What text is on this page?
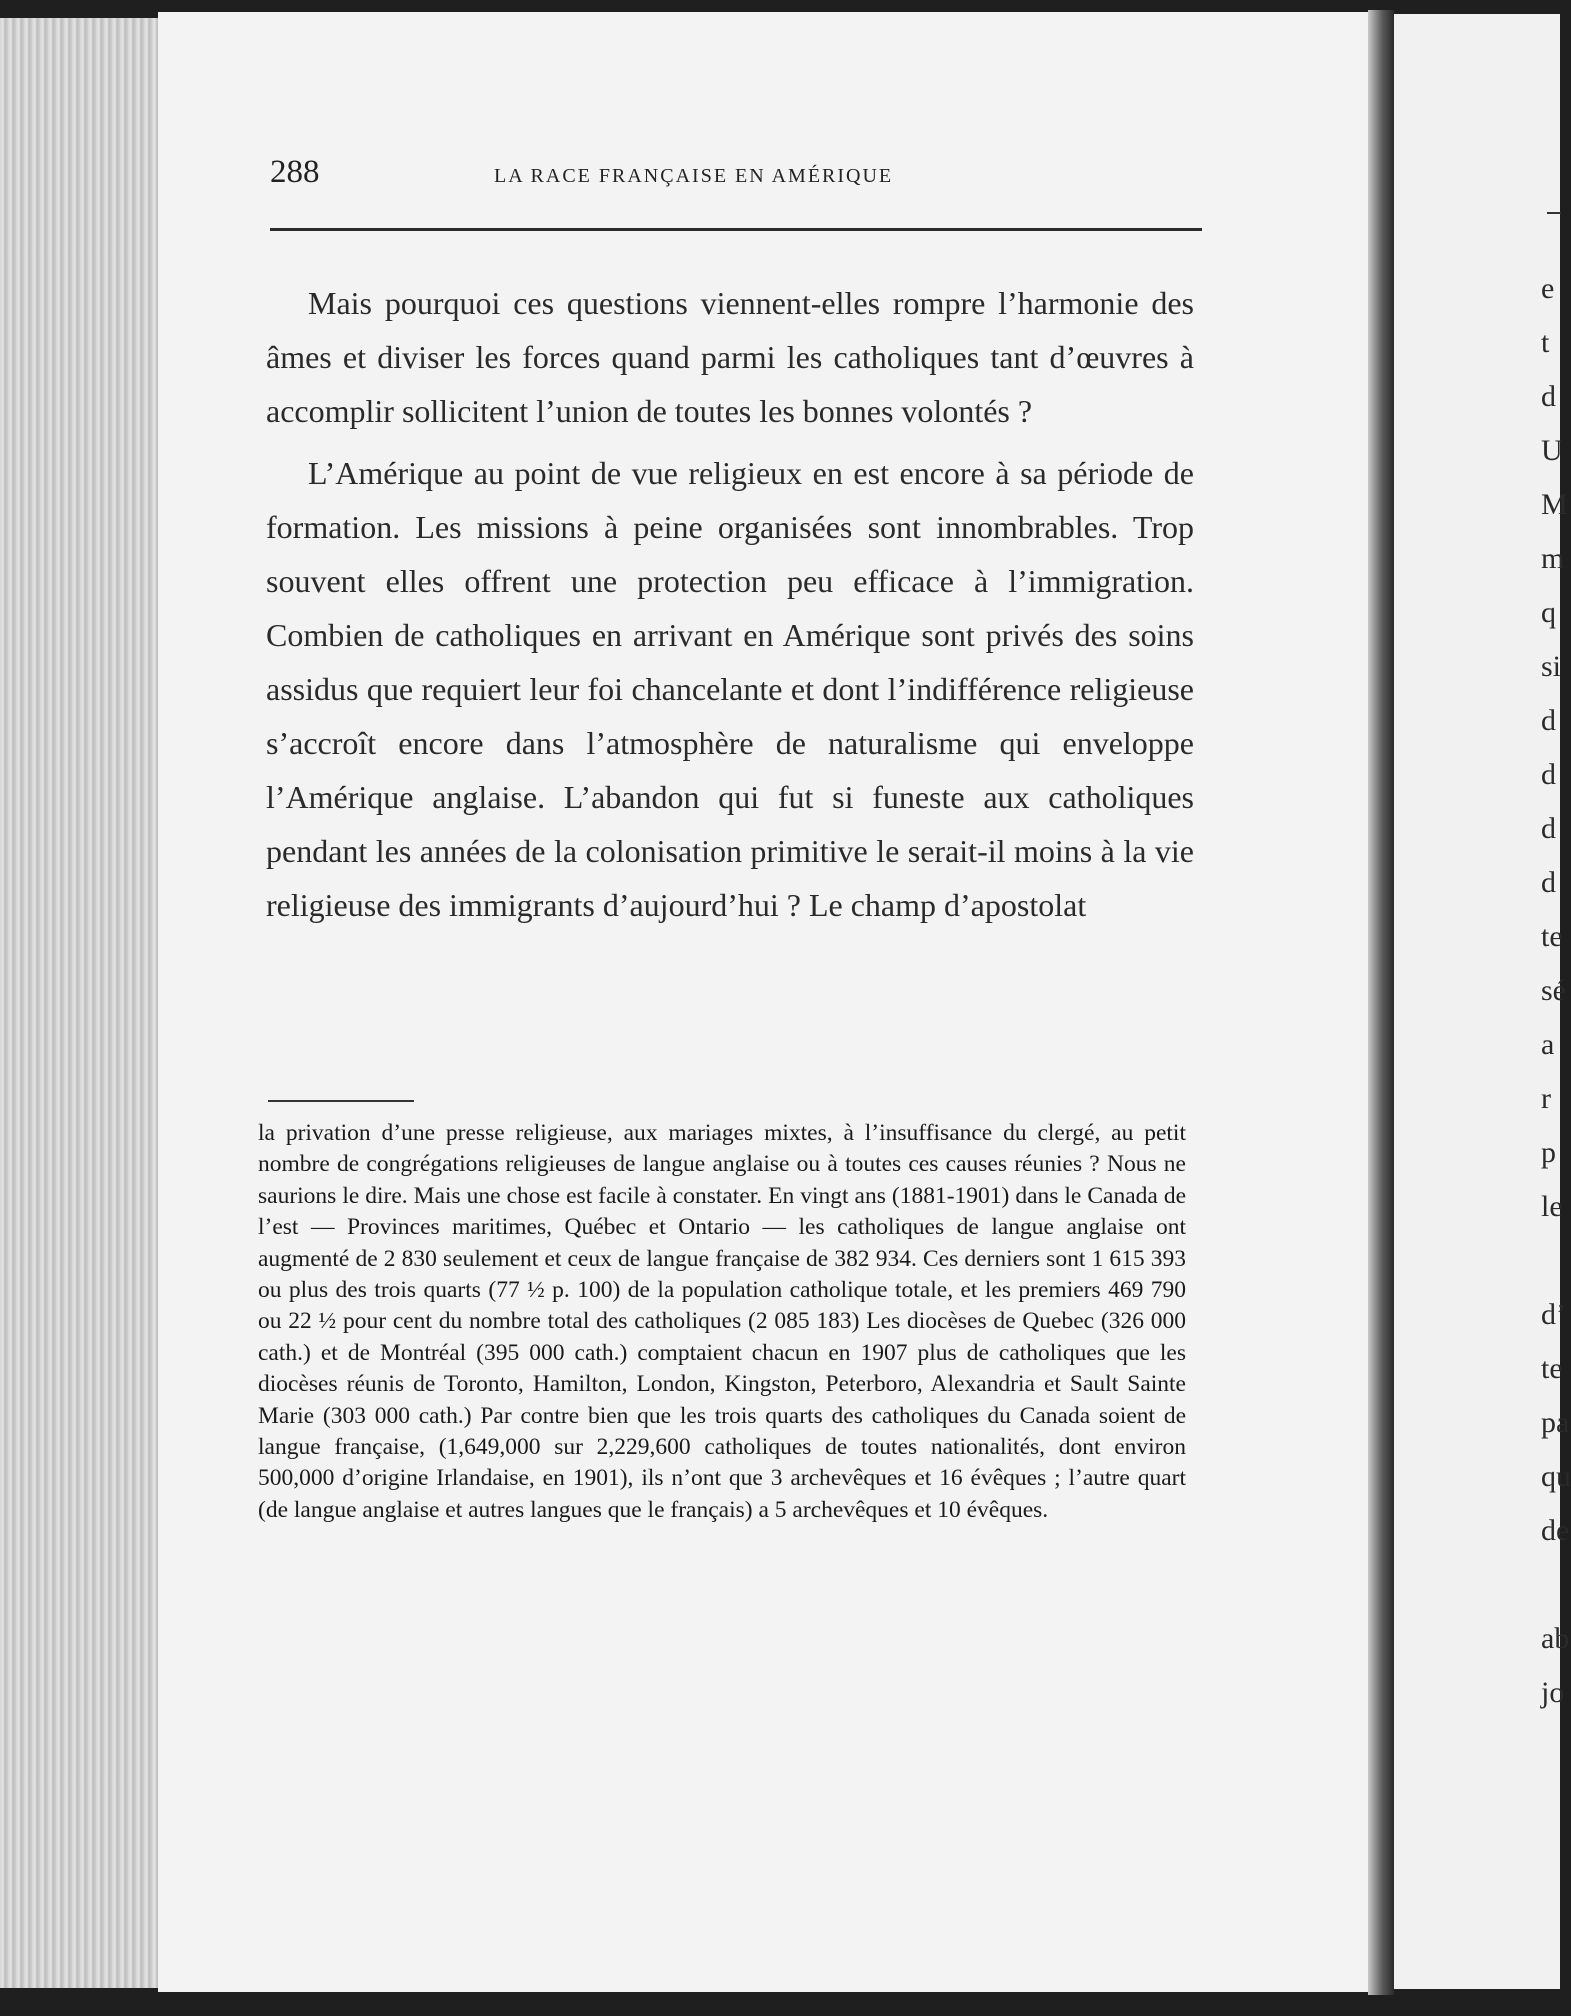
288	LA RACE FRANÇAISE EN AMÉRIQUE

Mais pourquoi ces questions viennent-elles rompre l’harmonie des âmes et diviser les forces quand parmi les catholiques tant d’œuvres à accomplir sollicitent l’union de toutes les bonnes volontés ?

L’Amérique au point de vue religieux en est encore à sa période de formation. Les missions à peine organisées sont innombrables. Trop souvent elles offrent une protection peu efficace à l’immigration. Combien de catholiques en arrivant en Amérique sont privés des soins assidus que requiert leur foi chancelante et dont l’indifférence religieuse s’accroît encore dans l’atmosphère de naturalisme qui enveloppe l’Amérique anglaise. L’abandon qui fut si funeste aux catholiques pendant les années de la colonisation primitive le serait-il moins à la vie religieuse des immigrants d’aujourd’hui ? Le champ d’apostolat

la privation d’une presse religieuse, aux mariages mixtes, à l’insuffisance du clergé, au petit nombre de congrégations religieuses de langue anglaise ou à toutes ces causes réunies ? Nous ne saurions le dire. Mais une chose est facile à constater. En vingt ans (1881-1901) dans le Canada de l’est — Provinces maritimes, Québec et Ontario — les catholiques de langue anglaise ont augmenté de 2 830 seulement et ceux de langue française de 382 934. Ces derniers sont 1 615 393 ou plus des trois quarts (77 ½ p. 100) de la population catholique totale, et les premiers 469 790 ou 22 ½ pour cent du nombre total des catholiques (2 085 183) Les diocèses de Quebec (326 000 cath.) et de Montréal (395 000 cath.) comptaient chacun en 1907 plus de catholiques que les diocèses réunis de Toronto, Hamilton, London, Kingston, Peterboro, Alexandria et Sault Sainte Marie (303 000 cath.) Par contre bien que les trois quarts des catholiques du Canada soient de langue française, (1,649,000 sur 2,229,600 catholiques de toutes nationalités, dont environ 500,000 d’origine Irlandaise, en 1901), ils n’ont que 3 archevêques et 16 évêques ; l’autre quart (de langue anglaise et autres langues que le français) a 5 archevêques et 10 évêques.

e
t
d
U
M
m
q
si
d
d
d
d
te
sé
a
r
p
le
d’
te
pa
qu
de
ab
jo
